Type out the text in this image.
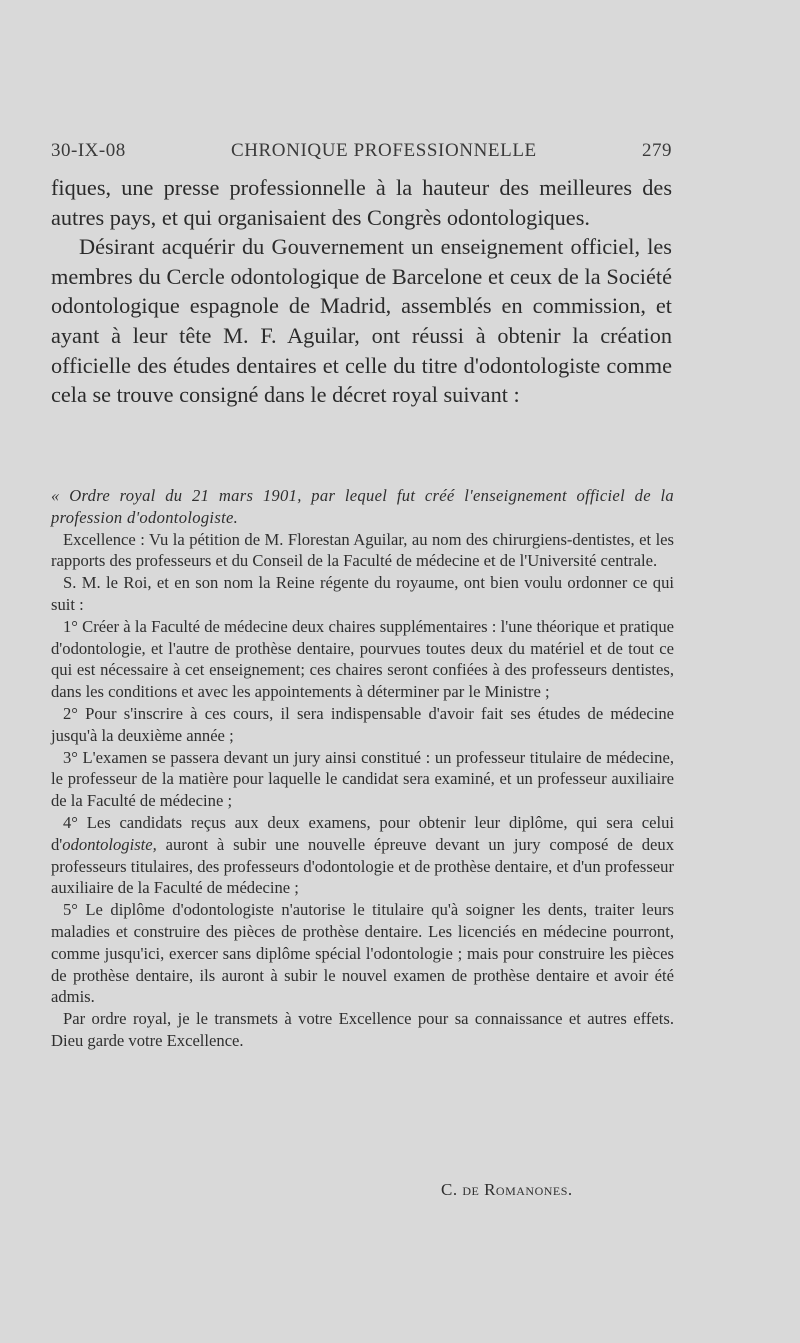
30-IX-08	CHRONIQUE PROFESSIONNELLE	279

fiques, une presse professionnelle à la hauteur des meilleures des autres pays, et qui organisaient des Congrès odontologiques.

Désirant acquérir du Gouvernement un enseignement officiel, les membres du Cercle odontologique de Barcelone et ceux de la Société odontologique espagnole de Madrid, assemblés en commission, et ayant à leur tête M. F. Aguilar, ont réussi à obtenir la création officielle des études dentaires et celle du titre d'odontologiste comme cela se trouve consigné dans le décret royal suivant :

« Ordre royal du 21 mars 1901, par lequel fut créé l'enseignement officiel de la profession d'odontologiste.

Excellence : Vu la pétition de M. Florestan Aguilar, au nom des chirurgiens-dentistes, et les rapports des professeurs et du Conseil de la Faculté de médecine et de l'Université centrale.

S. M. le Roi, et en son nom la Reine régente du royaume, ont bien voulu ordonner ce qui suit :

1° Créer à la Faculté de médecine deux chaires supplémentaires : l'une théorique et pratique d'odontologie, et l'autre de prothèse dentaire, pourvues toutes deux du matériel et de tout ce qui est nécessaire à cet enseignement; ces chaires seront confiées à des professeurs dentistes, dans les conditions et avec les appointements à déterminer par le Ministre ;

2° Pour s'inscrire à ces cours, il sera indispensable d'avoir fait ses études de médecine jusqu'à la deuxième année ;

3° L'examen se passera devant un jury ainsi constitué : un professeur titulaire de médecine, le professeur de la matière pour laquelle le candidat sera examiné, et un professeur auxiliaire de la Faculté de médecine ;

4° Les candidats reçus aux deux examens, pour obtenir leur diplôme, qui sera celui d'odontologiste, auront à subir une nouvelle épreuve devant un jury composé de deux professeurs titulaires, des professeurs d'odontologie et de prothèse dentaire, et d'un professeur auxiliaire de la Faculté de médecine ;

5° Le diplôme d'odontologiste n'autorise le titulaire qu'à soigner les dents, traiter leurs maladies et construire des pièces de prothèse dentaire. Les licenciés en médecine pourront, comme jusqu'ici, exercer sans diplôme spécial l'odontologie ; mais pour construire les pièces de prothèse dentaire, ils auront à subir le nouvel examen de prothèse dentaire et avoir été admis.

Par ordre royal, je le transmets à votre Excellence pour sa connaissance et autres effets. Dieu garde votre Excellence.

C. de Romanones.
